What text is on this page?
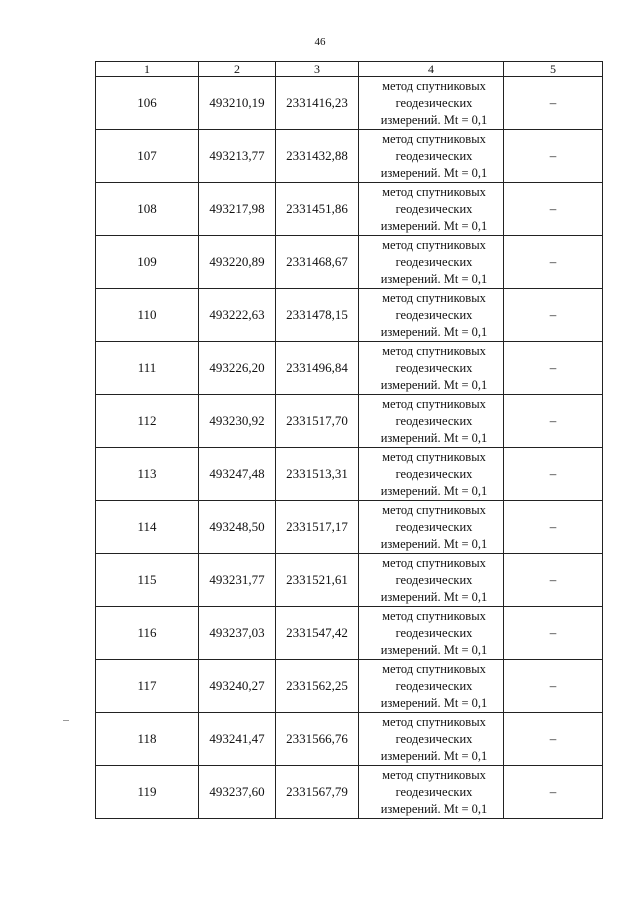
46
1	2	3	4	5
106	493210,19	2331416,23	метод спутниковых
геодезических
измерений. Mt = 0,1	–
107	493213,77	2331432,88	метод спутниковых
геодезических
измерений. Mt = 0,1	–
108	493217,98	2331451,86	метод спутниковых
геодезических
измерений. Mt = 0,1	–
109	493220,89	2331468,67	метод спутниковых
геодезических
измерений. Mt = 0,1	–
110	493222,63	2331478,15	метод спутниковых
геодезических
измерений. Mt = 0,1	–
111	493226,20	2331496,84	метод спутниковых
геодезических
измерений. Mt = 0,1	–
112	493230,92	2331517,70	метод спутниковых
геодезических
измерений. Mt = 0,1	–
113	493247,48	2331513,31	метод спутниковых
геодезических
измерений. Mt = 0,1	–
114	493248,50	2331517,17	метод спутниковых
геодезических
измерений. Mt = 0,1	–
115	493231,77	2331521,61	метод спутниковых
геодезических
измерений. Mt = 0,1	–
116	493237,03	2331547,42	метод спутниковых
геодезических
измерений. Mt = 0,1	–
117	493240,27	2331562,25	метод спутниковых
геодезических
измерений. Mt = 0,1	–
118	493241,47	2331566,76	метод спутниковых
геодезических
измерений. Mt = 0,1	–
119	493237,60	2331567,79	метод спутниковых
геодезических
измерений. Mt = 0,1	–
